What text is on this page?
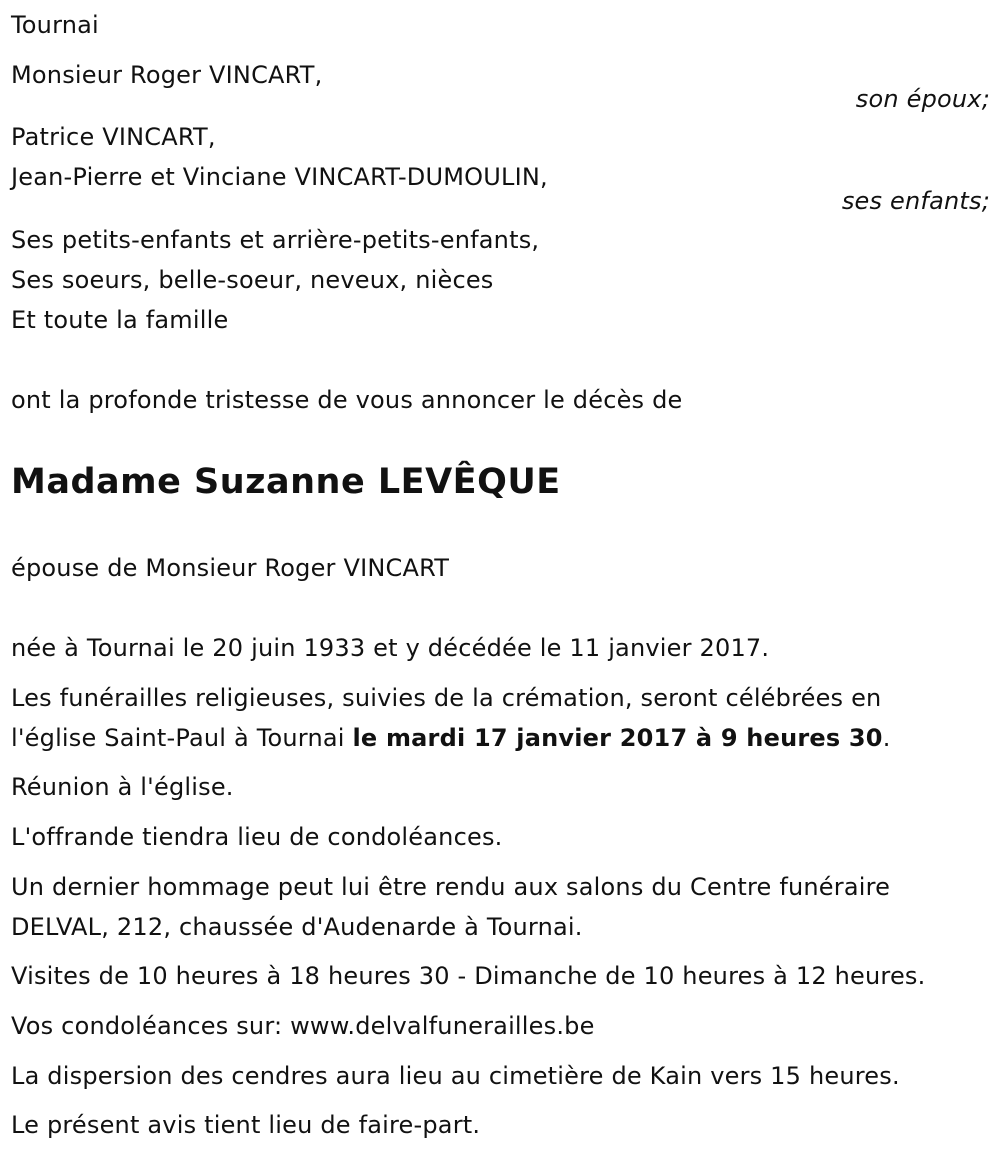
Tournai
Monsieur Roger VINCART,
son époux;
Patrice VINCART,
Jean-Pierre et Vinciane VINCART-DUMOULIN,
ses enfants;
Ses petits-enfants et arrière-petits-enfants,
Ses soeurs, belle-soeur, neveux, nièces
Et toute la famille
ont la profonde tristesse de vous annoncer le décès de
Madame Suzanne LEVÊQUE
épouse de Monsieur Roger VINCART
née à Tournai le 20 juin 1933 et y décédée le 11 janvier 2017.
Les funérailles religieuses, suivies de la crémation, seront célébrées en
l'église Saint-Paul à Tournai le mardi 17 janvier 2017 à 9 heures 30.
Réunion à l'église.
L'offrande tiendra lieu de condoléances.
Un dernier hommage peut lui être rendu aux salons du Centre funéraire
DELVAL, 212, chaussée d'Audenarde à Tournai.
Visites de 10 heures à 18 heures 30 - Dimanche de 10 heures à 12 heures.
Vos condoléances sur: www.delvalfunerailles.be
La dispersion des cendres aura lieu au cimetière de Kain vers 15 heures.
Le présent avis tient lieu de faire-part.
